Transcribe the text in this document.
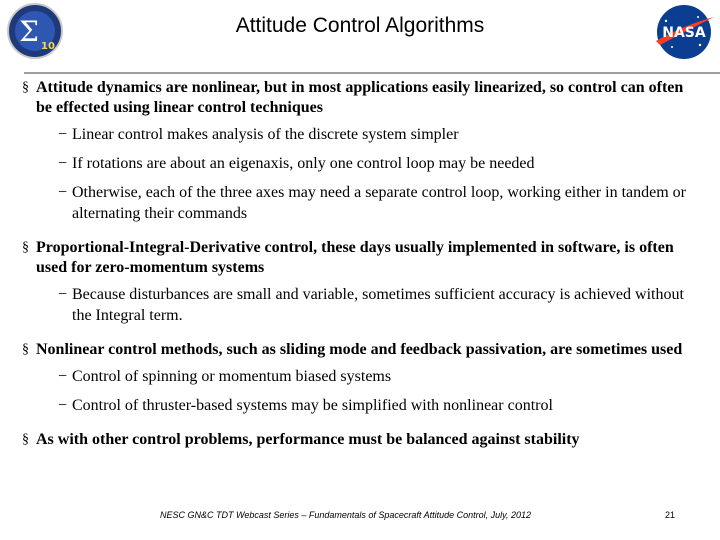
Σ 10
Attitude Control Algorithms	NASA
§ Attitude dynamics are nonlinear, but in most applications easily linearized, so control can often be effected using linear control techniques
− Linear control makes analysis of the discrete system simpler
− If rotations are about an eigenaxis, only one control loop may be needed
− Otherwise, each of the three axes may need a separate control loop, working either in tandem or alternating their commands
§ Proportional-Integral-Derivative control, these days usually implemented in software, is often used for zero-momentum systems
− Because disturbances are small and variable, sometimes sufficient accuracy is achieved without the Integral term.
§ Nonlinear control methods, such as sliding mode and feedback passivation, are sometimes used
− Control of spinning or momentum biased systems
− Control of thruster-based systems may be simplified with nonlinear control
§ As with other control problems, performance must be balanced against stability
NESC GN&C TDT Webcast Series – Fundamentals of Spacecraft Attitude Control, July, 2012	21
